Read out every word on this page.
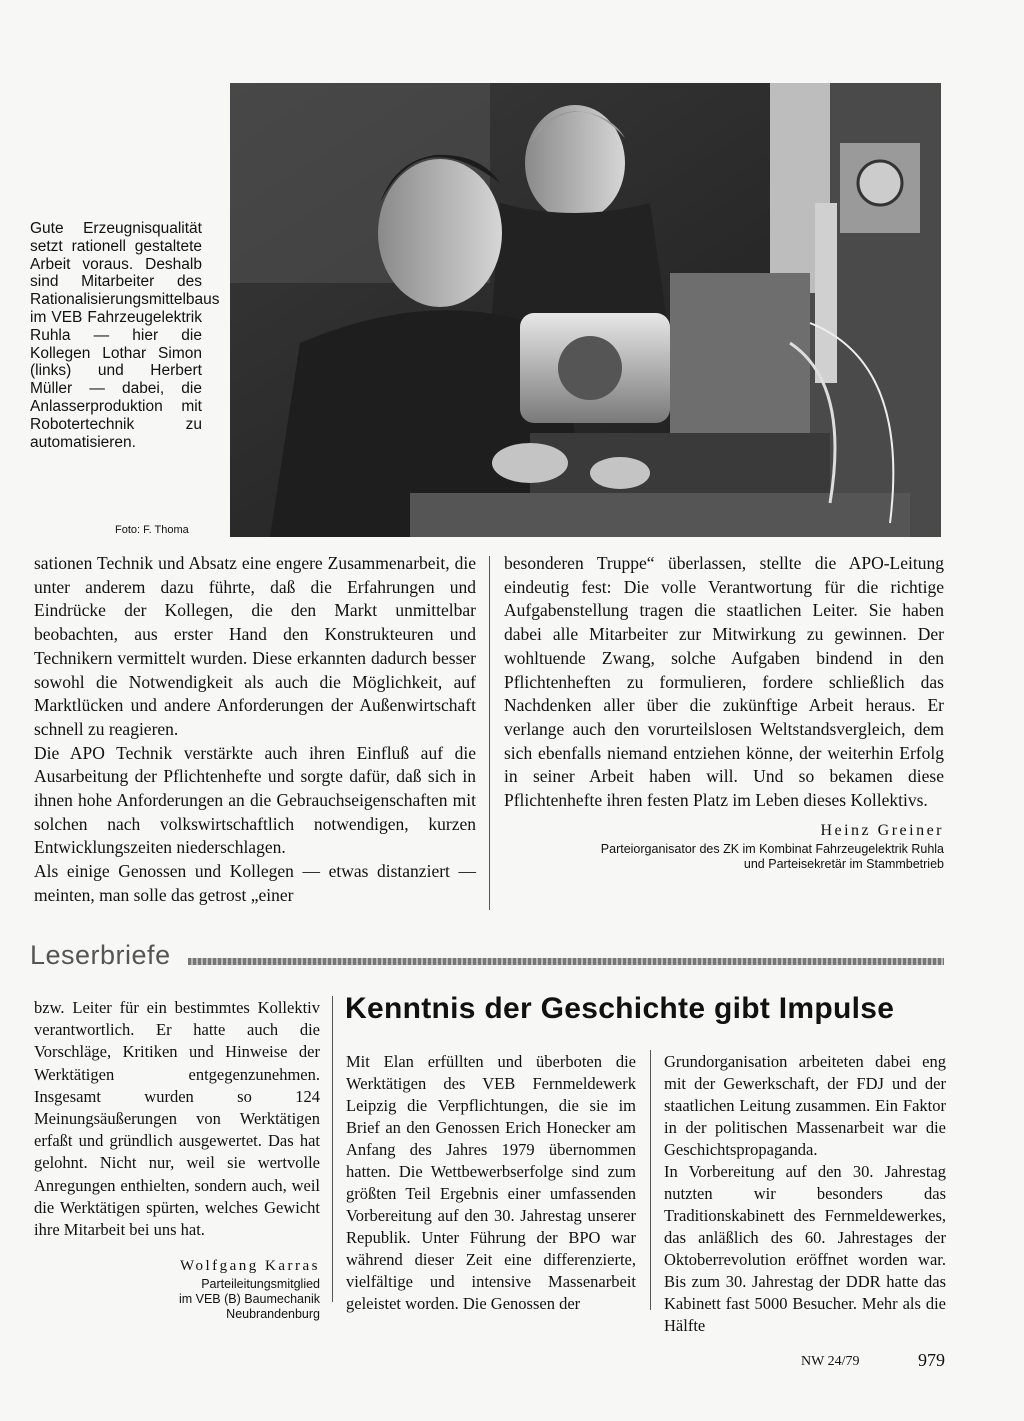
Gute Erzeugnisqualität setzt rationell gestaltete Arbeit voraus. Deshalb sind Mitarbeiter des Rationalisierungsmittelbaus im VEB Fahrzeugelektrik Ruhla — hier die Kollegen Lothar Simon (links) und Herbert Müller — dabei, die Anlasserproduktion mit Robotertechnik zu automatisieren.
Foto: F. Thoma

sationen Technik und Absatz eine engere Zusammenarbeit, die unter anderem dazu führte, daß die Erfahrungen und Eindrücke der Kollegen, die den Markt unmittelbar beobachten, aus erster Hand den Konstrukteuren und Technikern vermittelt wurden. Diese erkannten dadurch besser sowohl die Notwendigkeit als auch die Möglichkeit, auf Marktlücken und andere Anforderungen der Außenwirtschaft schnell zu reagieren.

Die APO Technik verstärkte auch ihren Einfluß auf die Ausarbeitung der Pflichtenhefte und sorgte dafür, daß sich in ihnen hohe Anforderungen an die Gebrauchseigenschaften mit solchen nach volkswirtschaftlich notwendigen, kurzen Entwicklungszeiten niederschlagen.

Als einige Genossen und Kollegen — etwas distanziert — meinten, man solle das getrost „einer

besonderen Truppe“ überlassen, stellte die APO-Leitung eindeutig fest: Die volle Verantwortung für die richtige Aufgabenstellung tragen die staatlichen Leiter. Sie haben dabei alle Mitarbeiter zur Mitwirkung zu gewinnen. Der wohltuende Zwang, solche Aufgaben bindend in den Pflichtenheften zu formulieren, fordere schließlich das Nachdenken aller über die zukünftige Arbeit heraus. Er verlange auch den vorurteilslosen Weltstandsvergleich, dem sich ebenfalls niemand entziehen könne, der weiterhin Erfolg in seiner Arbeit haben will. Und so bekamen diese Pflichtenhefte ihren festen Platz im Leben dieses Kollektivs.

Heinz Greiner

Parteiorganisator des ZK im Kombinat Fahrzeugelektrik Ruhla

und Parteisekretär im Stammbetrieb

Leserbriefe

bzw. Leiter für ein bestimmtes Kollektiv verantwortlich. Er hatte auch die Vorschläge, Kritiken und Hinweise der Werktätigen entgegenzunehmen. Insgesamt wurden so 124 Meinungsäußerungen von Werktätigen erfaßt und gründlich ausgewertet. Das hat gelohnt. Nicht nur, weil sie wertvolle Anregungen enthielten, sondern auch, weil die Werktätigen spürten, welches Gewicht ihre Mitarbeit bei uns hat.

Wolfgang Karras

Parteileitungsmitglied

im VEB (B) Baumechanik

Neubrandenburg

Kenntnis der Geschichte gibt Impulse

Mit Elan erfüllten und überboten die Werktätigen des VEB Fernmeldewerk Leipzig die Verpflichtungen, die sie im Brief an den Genossen Erich Honecker am Anfang des Jahres 1979 übernommen hatten. Die Wettbewerbserfolge sind zum größten Teil Ergebnis einer umfassenden Vorbereitung auf den 30. Jahrestag unserer Republik. Unter Führung der BPO war während dieser Zeit eine differenzierte, vielfältige und intensive Massenarbeit geleistet worden. Die Genossen der

Grundorganisation arbeiteten dabei eng mit der Gewerkschaft, der FDJ und der staatlichen Leitung zusammen. Ein Faktor in der politischen Massenarbeit war die Geschichtspropaganda.

In Vorbereitung auf den 30. Jahrestag nutzten wir besonders das Traditionskabinett des Fernmeldewerkes, das anläßlich des 60. Jahrestages der Oktoberrevolution eröffnet worden war. Bis zum 30. Jahrestag der DDR hatte das Kabinett fast 5000 Besucher. Mehr als die Hälfte

NW 24/79	979
